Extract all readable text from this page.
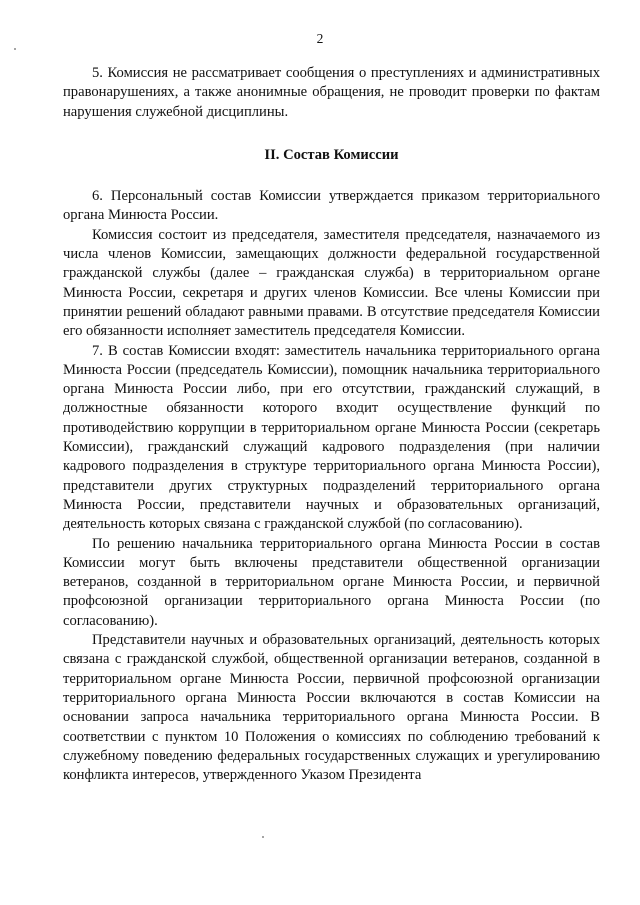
2

5. Комиссия не рассматривает сообщения о преступлениях и административных правонарушениях, а также анонимные обращения, не проводит проверки по фактам нарушения служебной дисциплины.

II. Состав Комиссии

6. Персональный состав Комиссии утверждается приказом территориального органа Минюста России.

Комиссия состоит из председателя, заместителя председателя, назначаемого из числа членов Комиссии, замещающих должности федеральной государственной гражданской службы (далее – гражданская служба) в территориальном органе Минюста России, секретаря и других членов Комиссии. Все члены Комиссии при принятии решений обладают равными правами. В отсутствие председателя Комиссии его обязанности исполняет заместитель председателя Комиссии.

7. В состав Комиссии входят: заместитель начальника территориального органа Минюста России (председатель Комиссии), помощник начальника территориального органа Минюста России либо, при его отсутствии, гражданский служащий, в должностные обязанности которого входит осуществление функций по противодействию коррупции в территориальном органе Минюста России (секретарь Комиссии), гражданский служащий кадрового подразделения (при наличии кадрового подразделения в структуре территориального органа Минюста России), представители других структурных подразделений территориального органа Минюста России, представители научных и образовательных организаций, деятельность которых связана с гражданской службой (по согласованию).

По решению начальника территориального органа Минюста России в состав Комиссии могут быть включены представители общественной организации ветеранов, созданной в территориальном органе Минюста России, и первичной профсоюзной организации территориального органа Минюста России (по согласованию).

Представители научных и образовательных организаций, деятельность которых связана с гражданской службой, общественной организации ветеранов, созданной в территориальном органе Минюста России, первичной профсоюзной организации территориального органа Минюста России включаются в состав Комиссии на основании запроса начальника территориального органа Минюста России. В соответствии с пунктом 10 Положения о комиссиях по соблюдению требований к служебному поведению федеральных государственных служащих и урегулированию конфликта интересов, утвержденного Указом Президента
